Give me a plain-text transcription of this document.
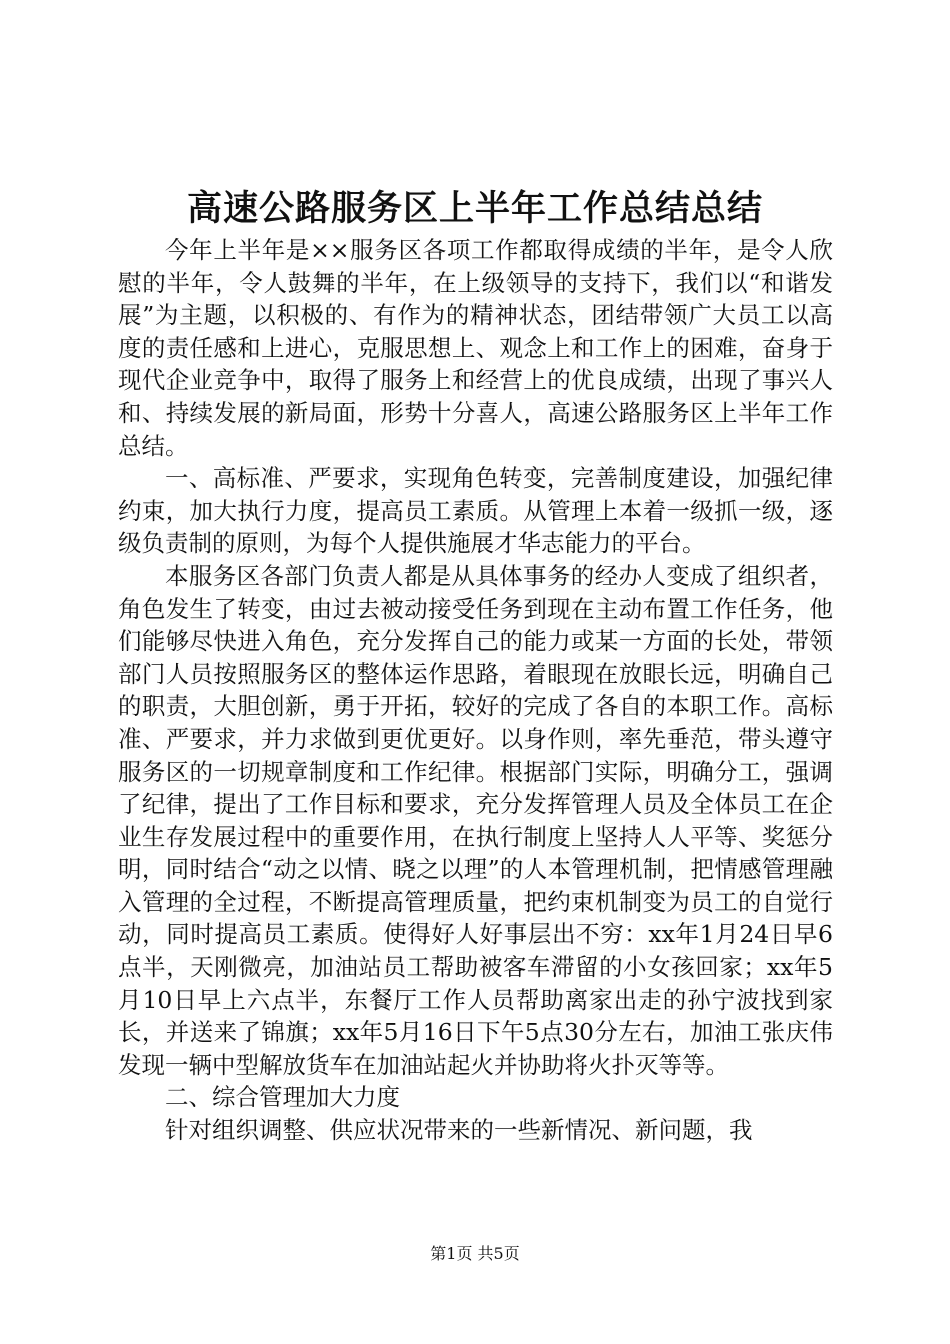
高速公路服务区上半年工作总结总结

今年上半年是××服务区各项工作都取得成绩的半年，是令人欣慰的半年，令人鼓舞的半年，在上级领导的支持下，我们以“和谐发展”为主题，以积极的、有作为的精神状态，团结带领广大员工以高度的责任感和上进心，克服思想上、观念上和工作上的困难，奋身于现代企业竞争中，取得了服务上和经营上的优良成绩，出现了事兴人和、持续发展的新局面，形势十分喜人，高速公路服务区上半年工作总结。

一、高标准、严要求，实现角色转变，完善制度建设，加强纪律约束，加大执行力度，提高员工素质。从管理上本着一级抓一级，逐级负责制的原则，为每个人提供施展才华志能力的平台。

本服务区各部门负责人都是从具体事务的经办人变成了组织者，角色发生了转变，由过去被动接受任务到现在主动布置工作任务，他们能够尽快进入角色，充分发挥自己的能力或某一方面的长处，带领部门人员按照服务区的整体运作思路，着眼现在放眼长远，明确自己的职责，大胆创新，勇于开拓，较好的完成了各自的本职工作。高标准、严要求，并力求做到更优更好。以身作则，率先垂范，带头遵守服务区的一切规章制度和工作纪律。根据部门实际，明确分工，强调了纪律，提出了工作目标和要求，充分发挥管理人员及全体员工在企业生存发展过程中的重要作用，在执行制度上坚持人人平等、奖惩分明，同时结合“动之以情、晓之以理”的人本管理机制，把情感管理融入管理的全过程，不断提高管理质量，把约束机制变为员工的自觉行动，同时提高员工素质。使得好人好事层出不穷：xx年1月24日早6点半，天刚微亮，加油站员工帮助被客车滞留的小女孩回家；xx年5月10日早上六点半，东餐厅工作人员帮助离家出走的孙宁波找到家长，并送来了锦旗；xx年5月16日下午5点30分左右，加油工张庆伟发现一辆中型解放货车在加油站起火并协助将火扑灭等等。

二、综合管理加大力度

针对组织调整、供应状况带来的一些新情况、新问题，我

第1页 共5页
